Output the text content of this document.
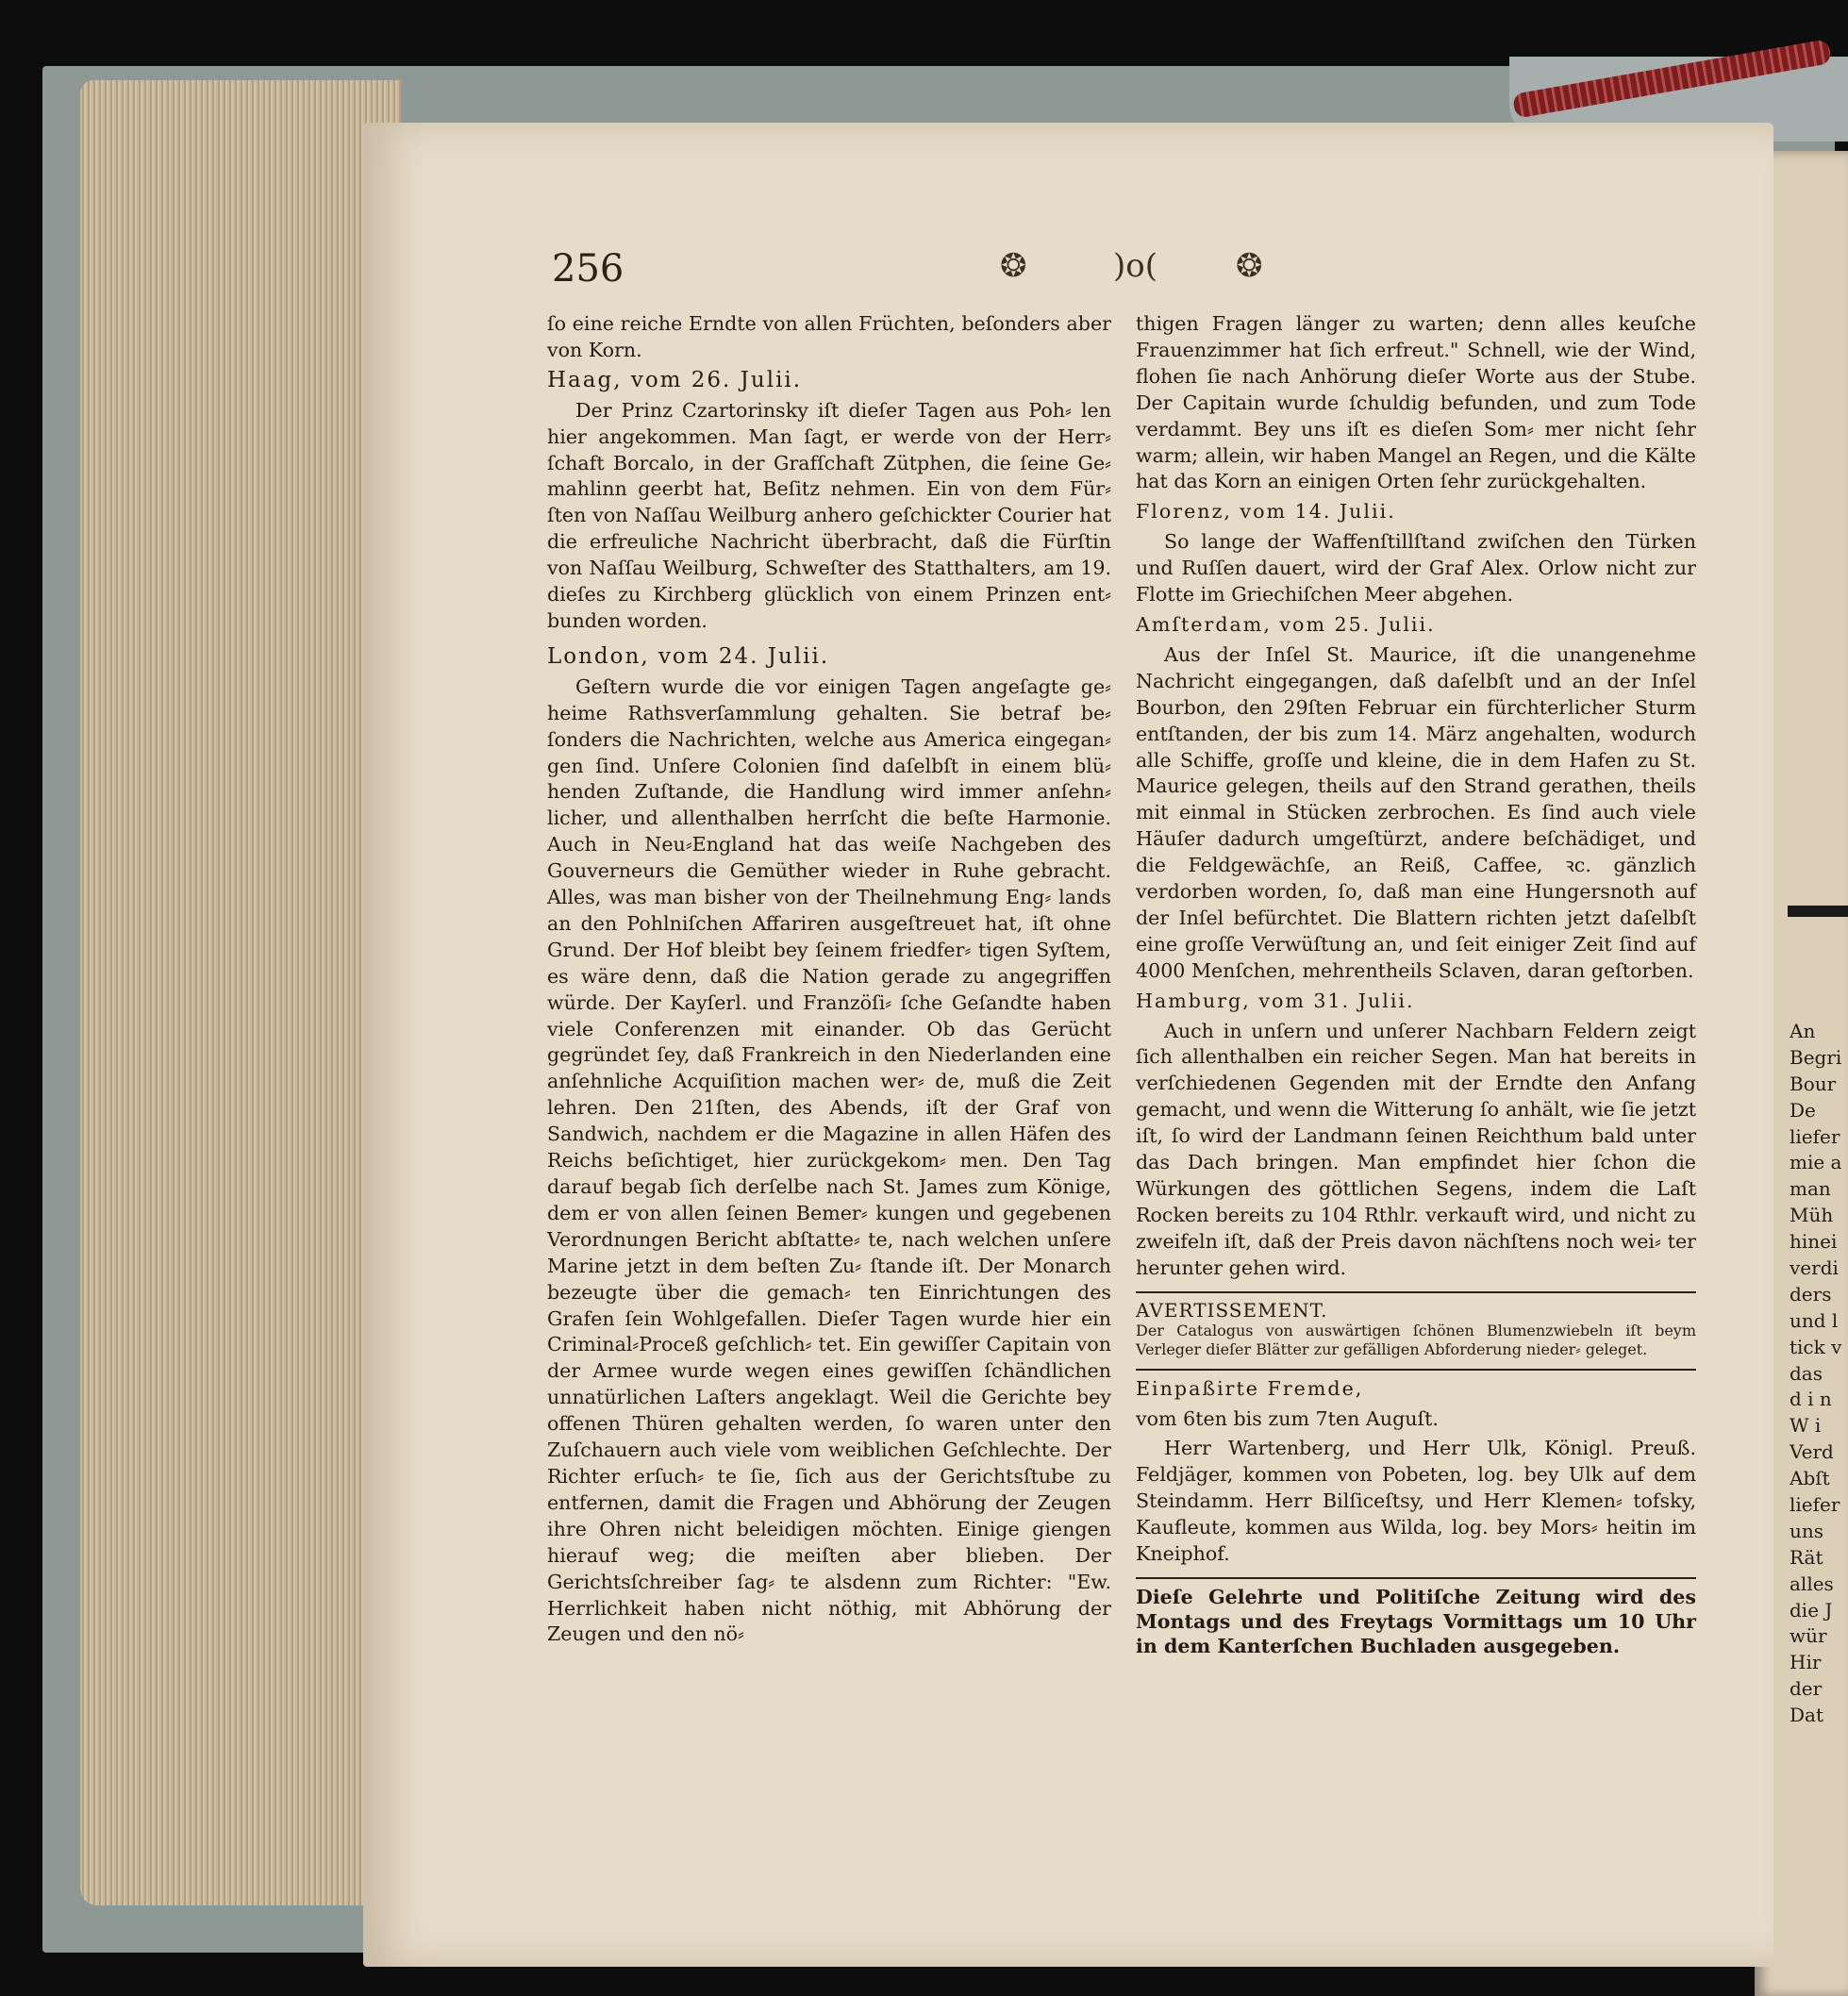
256	❂	)o( ❂

ſo eine reiche Erndte von allen Früchten, beſonders aber von Korn.

Haag, vom 26. Julii.

Der Prinz Czartorinsky iſt dieſer Tagen aus Poh⸗ len hier angekommen. Man ſagt, er werde von der Herr⸗ ſchaft Borcalo, in der Grafſchaft Zütphen, die ſeine Ge⸗ mahlinn geerbt hat, Beſitz nehmen. Ein von dem Für⸗ ſten von Naſſau Weilburg anhero geſchickter Courier hat die erfreuliche Nachricht überbracht, daß die Fürſtin von Naſſau Weilburg, Schweſter des Statthalters, am 19. dieſes zu Kirchberg glücklich von einem Prinzen ent⸗ bunden worden.

London, vom 24. Julii.

Geſtern wurde die vor einigen Tagen angeſagte ge⸗ heime Rathsverſammlung gehalten. Sie betraf be⸗ ſonders die Nachrichten, welche aus America eingegan⸗ gen ſind. Unſere Colonien ſind daſelbſt in einem blü⸗ henden Zuſtande, die Handlung wird immer anſehn⸗ licher, und allenthalben herrſcht die beſte Harmonie. Auch in Neu⸗England hat das weiſe Nachgeben des Gouverneurs die Gemüther wieder in Ruhe gebracht. Alles, was man bisher von der Theilnehmung Eng⸗ lands an den Pohlniſchen Affariren ausgeſtreuet hat, iſt ohne Grund. Der Hof bleibt bey ſeinem friedfer⸗ tigen Syſtem, es wäre denn, daß die Nation gerade zu angegriffen würde. Der Kayſerl. und Franzöſi⸗ ſche Geſandte haben viele Conferenzen mit einander. Ob das Gerücht gegründet ſey, daß Frankreich in den Niederlanden eine anſehnliche Acquiſition machen wer⸗ de, muß die Zeit lehren. Den 21ſten, des Abends, iſt der Graf von Sandwich, nachdem er die Magazine in allen Häfen des Reichs beſichtiget, hier zurückgekom⸗ men. Den Tag darauf begab ſich derſelbe nach St. James zum Könige, dem er von allen ſeinen Bemer⸗ kungen und gegebenen Verordnungen Bericht abſtatte⸗ te, nach welchen unſere Marine jetzt in dem beſten Zu⸗ ſtande iſt. Der Monarch bezeugte über die gemach⸗ ten Einrichtungen des Grafen ſein Wohlgefallen. Dieſer Tagen wurde hier ein Criminal⸗Proceß geſchlich⸗ tet. Ein gewiſſer Capitain von der Armee wurde wegen eines gewiſſen ſchändlichen unnatürlichen Laſters angeklagt. Weil die Gerichte bey offenen Thüren gehalten werden, ſo waren unter den Zuſchauern auch viele vom weiblichen Geſchlechte. Der Richter erſuch⸗ te ſie, ſich aus der Gerichtsſtube zu entfernen, damit die Fragen und Abhörung der Zeugen ihre Ohren nicht beleidigen möchten. Einige giengen hierauf weg; die meiſten aber blieben. Der Gerichtsſchreiber ſag⸗ te alsdenn zum Richter: "Ew. Herrlichkeit haben nicht nöthig, mit Abhörung der Zeugen und den nö⸗

thigen Fragen länger zu warten; denn alles keuſche Frauenzimmer hat ſich erfreut." Schnell, wie der Wind, flohen ſie nach Anhörung dieſer Worte aus der Stube. Der Capitain wurde ſchuldig befunden, und zum Tode verdammt. Bey uns iſt es dieſen Som⸗ mer nicht ſehr warm; allein, wir haben Mangel an Regen, und die Kälte hat das Korn an einigen Orten ſehr zurückgehalten.

Florenz, vom 14. Julii.

So lange der Waffenſtillſtand zwiſchen den Türken und Ruſſen dauert, wird der Graf Alex. Orlow nicht zur Flotte im Griechiſchen Meer abgehen.

Amſterdam, vom 25. Julii.

Aus der Inſel St. Maurice, iſt die unangenehme Nachricht eingegangen, daß daſelbſt und an der Inſel Bourbon, den 29ſten Februar ein fürchterlicher Sturm entſtanden, der bis zum 14. März angehalten, wodurch alle Schiffe, groſſe und kleine, die in dem Hafen zu St. Maurice gelegen, theils auf den Strand gerathen, theils mit einmal in Stücken zerbrochen. Es ſind auch viele Häuſer dadurch umgeſtürzt, andere beſchädiget, und die Feldgewächſe, an Reiß, Caffee, ꝛc. gänzlich verdorben worden, ſo, daß man eine Hungersnoth auf der Inſel befürchtet. Die Blattern richten jetzt daſelbſt eine groſſe Verwüſtung an, und ſeit einiger Zeit ſind auf 4000 Menſchen, mehrentheils Sclaven, daran geſtorben.

Hamburg, vom 31. Julii.

Auch in unſern und unſerer Nachbarn Feldern zeigt ſich allenthalben ein reicher Segen. Man hat bereits in verſchiedenen Gegenden mit der Erndte den Anfang gemacht, und wenn die Witterung ſo anhält, wie ſie jetzt iſt, ſo wird der Landmann ſeinen Reichthum bald unter das Dach bringen. Man empfindet hier ſchon die Würkungen des göttlichen Segens, indem die Laſt Rocken bereits zu 104 Rthlr. verkauft wird, und nicht zu zweifeln iſt, daß der Preis davon nächſtens noch wei⸗ ter herunter gehen wird.

AVERTISSEMENT.

Der Catalogus von auswärtigen ſchönen Blumenzwiebeln iſt beym Verleger dieſer Blätter zur gefälligen Abforderung nieder⸗ geleget.

Einpaßirte Fremde,

vom 6ten bis zum 7ten Auguſt.

Herr Wartenberg, und Herr Ulk, Königl. Preuß. Feldjäger, kommen von Pobeten, log. bey Ulk auf dem Steindamm. Herr Bilſiceſtsy, und Herr Klemen⸗ tofsky, Kaufleute, kommen aus Wilda, log. bey Mors⸗ heitin im Kneiphof.

Dieſe Gelehrte und Politiſche Zeitung wird des Montags und des Freytags Vormittags um 10 Uhr in dem Kanterſchen Buchladen ausgegeben.

An
Begri
Bour
De
liefer
mie a
man
Müh
hinei
verdi
ders
und l
tick v
das
d i n
W i
Verd
Abſt
liefer
uns
Rät
alles
die J
wür
Hir
der
Dat
